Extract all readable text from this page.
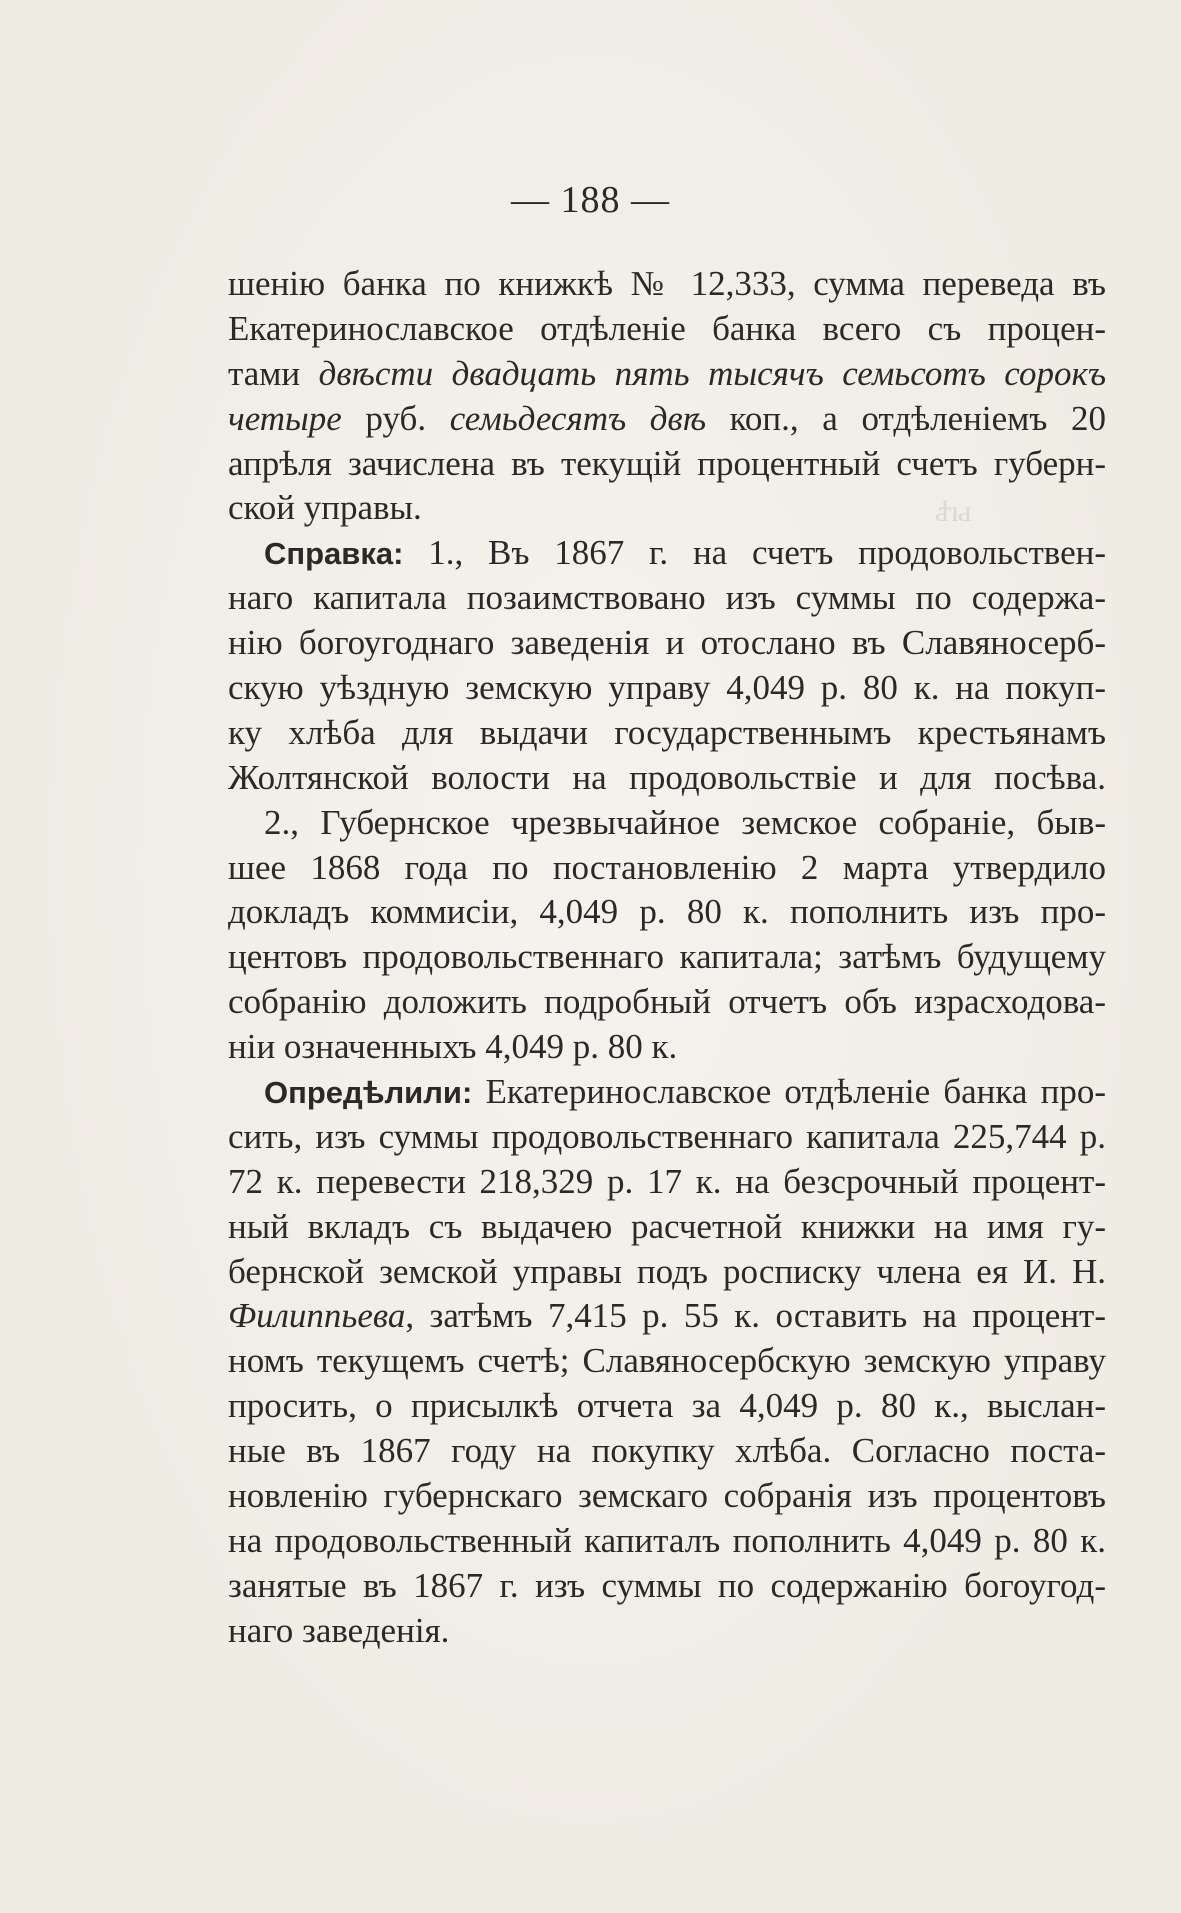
ыѣ
— 188 —
шенію банка по книжкѣ № 12,333, сумма переведа въ
Екатеринославское отдѣленіе банка всего съ процен-
тами двѣсти двадцать пять тысячъ семьсотъ сорокъ
четыре руб. семьдесятъ двѣ коп., а отдѣленіемъ 20
апрѣля зачислена въ текущій процентный счетъ губерн-
ской управы.
Справка: 1., Въ 1867 г. на счетъ продовольствен-
наго капитала позаимствовано изъ суммы по содержа-
нію богоугоднаго заведенія и отослано въ Славяносерб-
скую уѣздную земскую управу 4,049 р. 80 к. на покуп-
ку хлѣба для выдачи государственнымъ крестьянамъ
Жолтянской волости на продовольствіе и для посѣва.
2., Губернское чрезвычайное земское собраніе, быв-
шее 1868 года по постановленію 2 марта утвердило
докладъ коммисіи, 4,049 р. 80 к. пополнить изъ про-
центовъ продовольственнаго капитала; затѣмъ будущему
собранію доложить подробный отчетъ объ израсходова-
ніи означенныхъ 4,049 р. 80 к.
Опредѣлили: Екатеринославское отдѣленіе банка про-
сить, изъ суммы продовольственнаго капитала 225,744 р.
72 к. перевести 218,329 р. 17 к. на безсрочный процент-
ный вкладъ съ выдачею расчетной книжки на имя гу-
бернской земской управы подъ росписку члена ея И. Н.
Филиппьева, затѣмъ 7,415 р. 55 к. оставить на процент-
номъ текущемъ счетѣ; Славяносербскую земскую управу
просить, о присылкѣ отчета за 4,049 р. 80 к., выслан-
ные въ 1867 году на покупку хлѣба. Согласно поста-
новленію губернскаго земскаго собранія изъ процентовъ
на продовольственный капиталъ пополнить 4,049 р. 80 к.
занятые въ 1867 г. изъ суммы по содержанію богоугод-
наго заведенія.
